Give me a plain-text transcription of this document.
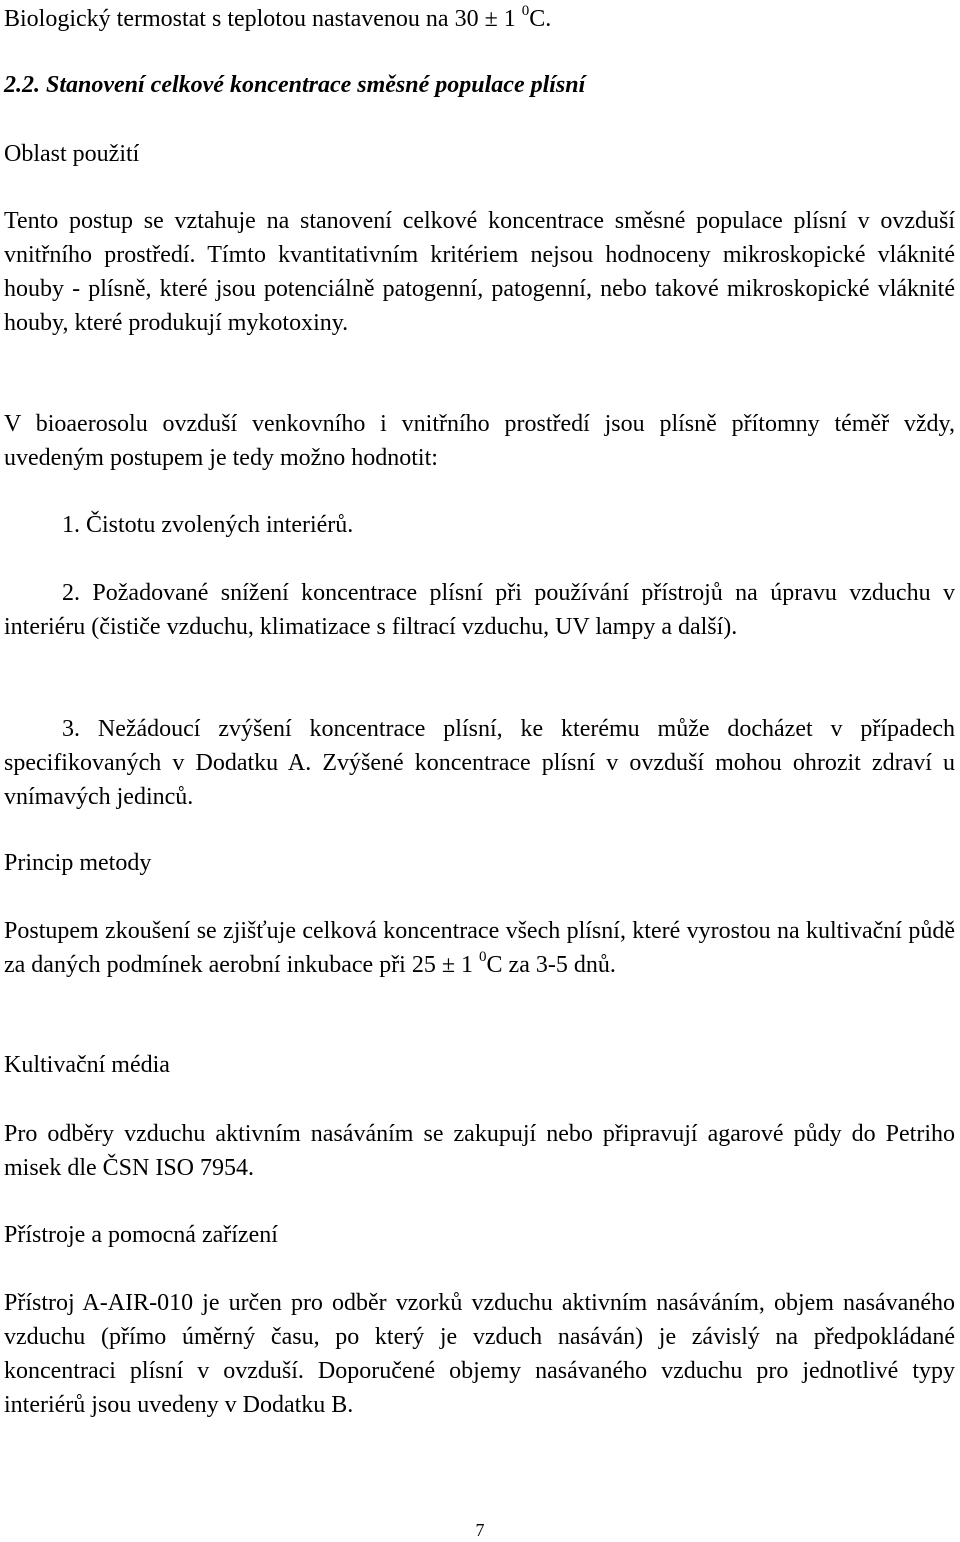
Biologický termostat s teplotou nastavenou na 30 ± 1 $^0$C.

2.2. Stanovení celkové koncentrace směsné populace plísní

Oblast použití

Tento postup se vztahuje na stanovení celkové koncentrace směsné populace plísní v ovzduší vnitřního prostředí. Tímto kvantitativním kritériem nejsou hodnoceny mikroskopické vláknité houby - plísně, které jsou potenciálně patogenní, patogenní, nebo takové mikroskopické vláknité houby, které produkují mykotoxiny.

V bioaerosolu ovzduší venkovního i vnitřního prostředí jsou plísně přítomny téměř vždy, uvedeným postupem je tedy možno hodnotit:

1. Čistotu zvolených interiérů.

2. Požadované snížení koncentrace plísní při používání přístrojů na úpravu vzduchu v interiéru (čističe vzduchu, klimatizace s filtrací vzduchu, UV lampy a další).

3. Nežádoucí zvýšení koncentrace plísní, ke kterému může docházet v případech specifikovaných v Dodatku A. Zvýšené koncentrace plísní v ovzduší mohou ohrozit zdraví u vnímavých jedinců.

Princip metody

Postupem zkoušení se zjišťuje celková koncentrace všech plísní, které vyrostou na kultivační půdě za daných podmínek aerobní inkubace při 25 ± 1 $^0$C za 3-5 dnů.

Kultivační média

Pro odběry vzduchu aktivním nasáváním se zakupují nebo připravují agarové půdy do Petriho misek dle ČSN ISO 7954.

Přístroje a pomocná zařízení

Přístroj A-AIR-010 je určen pro odběr vzorků vzduchu aktivním nasáváním, objem nasávaného vzduchu (přímo úměrný času, po který je vzduch nasáván) je závislý na předpokládané koncentraci plísní v ovzduší. Doporučené objemy nasávaného vzduchu pro jednotlivé typy interiérů jsou uvedeny v Dodatku B.

7
